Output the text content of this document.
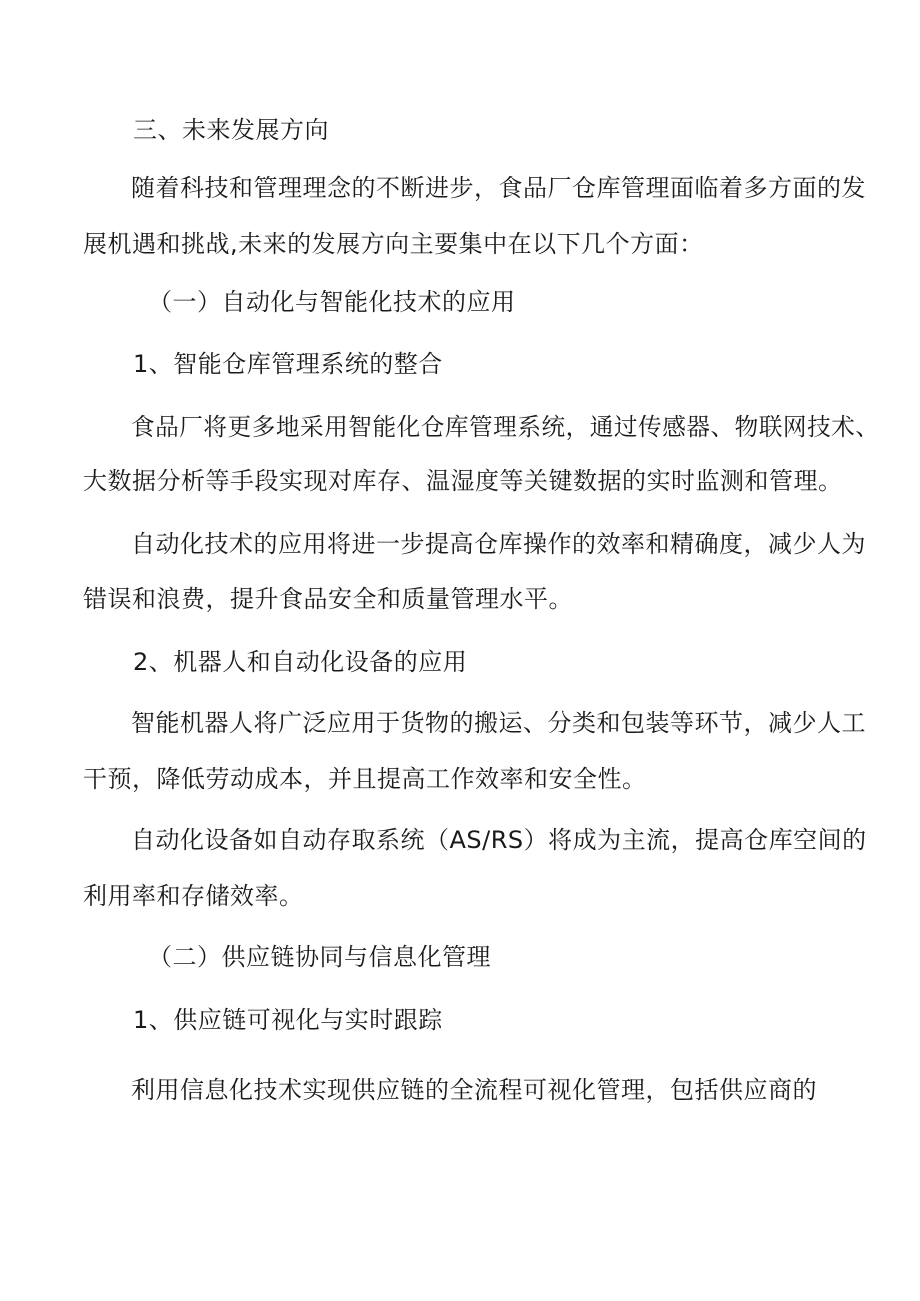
三、未来发展方向
随着科技和管理理念的不断进步，食品厂仓库管理面临着多方面的发
展机遇和挑战,未来的发展方向主要集中在以下几个方面：
（一）自动化与智能化技术的应用
1、智能仓库管理系统的整合
食品厂将更多地采用智能化仓库管理系统，通过传感器、物联网技术、
大数据分析等手段实现对库存、温湿度等关键数据的实时监测和管理。
自动化技术的应用将进一步提高仓库操作的效率和精确度，减少人为
错误和浪费，提升食品安全和质量管理水平。
2、机器人和自动化设备的应用
智能机器人将广泛应用于货物的搬运、分类和包装等环节，减少人工
干预，降低劳动成本，并且提高工作效率和安全性。
自动化设备如自动存取系统（AS/RS）将成为主流，提高仓库空间的
利用率和存储效率。
（二）供应链协同与信息化管理
1、供应链可视化与实时跟踪
利用信息化技术实现供应链的全流程可视化管理，包括供应商的
